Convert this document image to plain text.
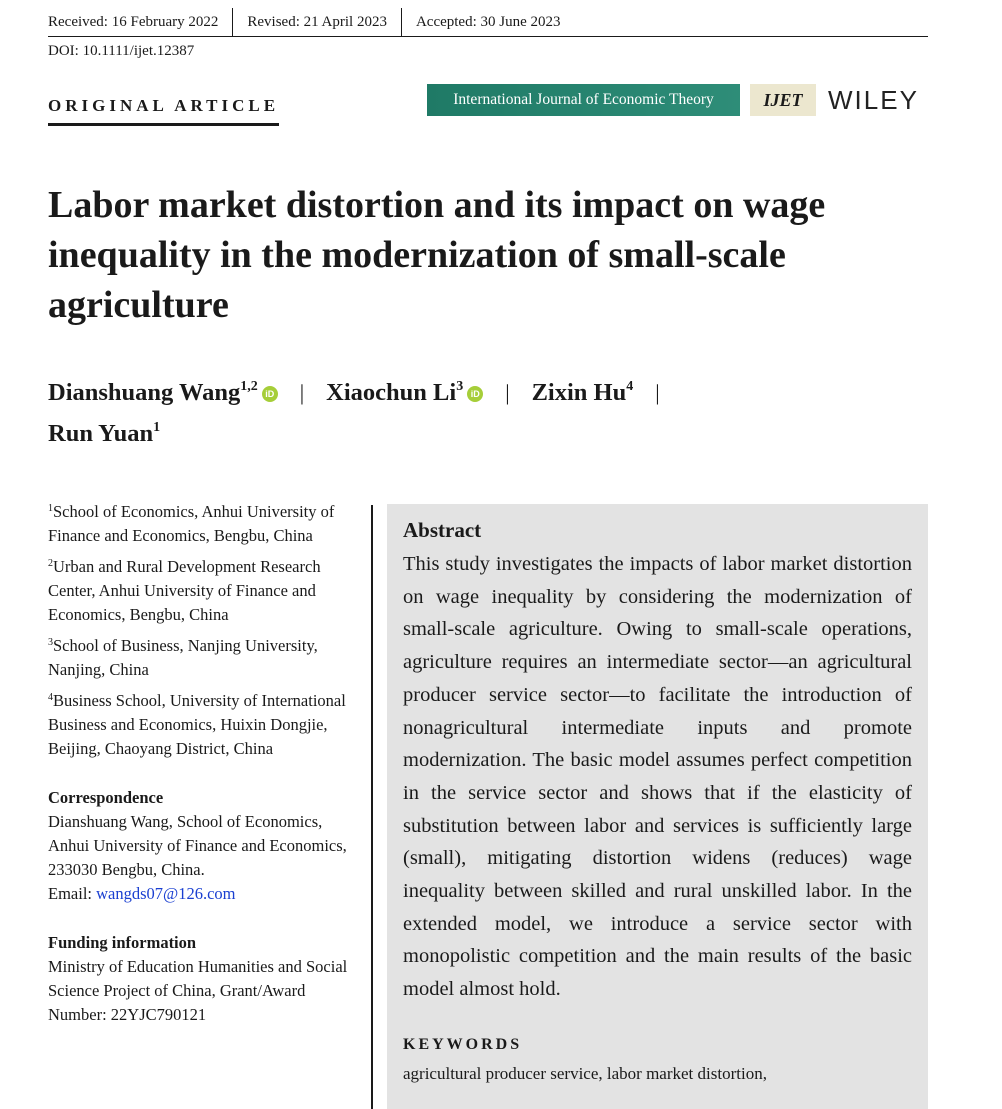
Received: 16 February 2022	Revised: 21 April 2023	Accepted: 30 June 2023
DOI: 10.1111/ijet.12387
ORIGINAL ARTICLE	International Journal of Economic Theory	IJET WILEY
Labor market distortion and its impact on wage inequality in the modernization of small-scale agriculture
Dianshuang Wang$^{1,2}$ iD | Xiaochun Li$^3$ iD | Zixin Hu$^4$ |
Run Yuan$^1$

$^1$School of Economics, Anhui University of Finance and Economics, Bengbu, China

$^2$Urban and Rural Development Research Center, Anhui University of Finance and Economics, Bengbu, China

$^3$School of Business, Nanjing University, Nanjing, China

$^4$Business School, University of International Business and Economics, Huixin Dongjie, Beijing, Chaoyang District, China

Correspondence
Dianshuang Wang, School of Economics, Anhui University of Finance and Economics, 233030 Bengbu, China.
Email: wangds07@126.com
Funding information
Ministry of Education Humanities and Social Science Project of China, Grant/Award Number: 22YJC790121
Abstract

This study investigates the impacts of labor market distortion on wage inequality by considering the modernization of small-scale agriculture. Owing to small-scale operations, agriculture requires an intermediate sector—an agricultural producer service sector—to facilitate the introduction of nonagricultural intermediate inputs and promote modernization. The basic model assumes perfect competition in the service sector and shows that if the elasticity of substitution between labor and services is sufficiently large (small), mitigating distortion widens (reduces) wage inequality between skilled and rural unskilled labor. In the extended model, we introduce a service sector with monopolistic competition and the main results of the basic model almost hold.

KEYWORDS
agricultural producer service, labor market distortion,
